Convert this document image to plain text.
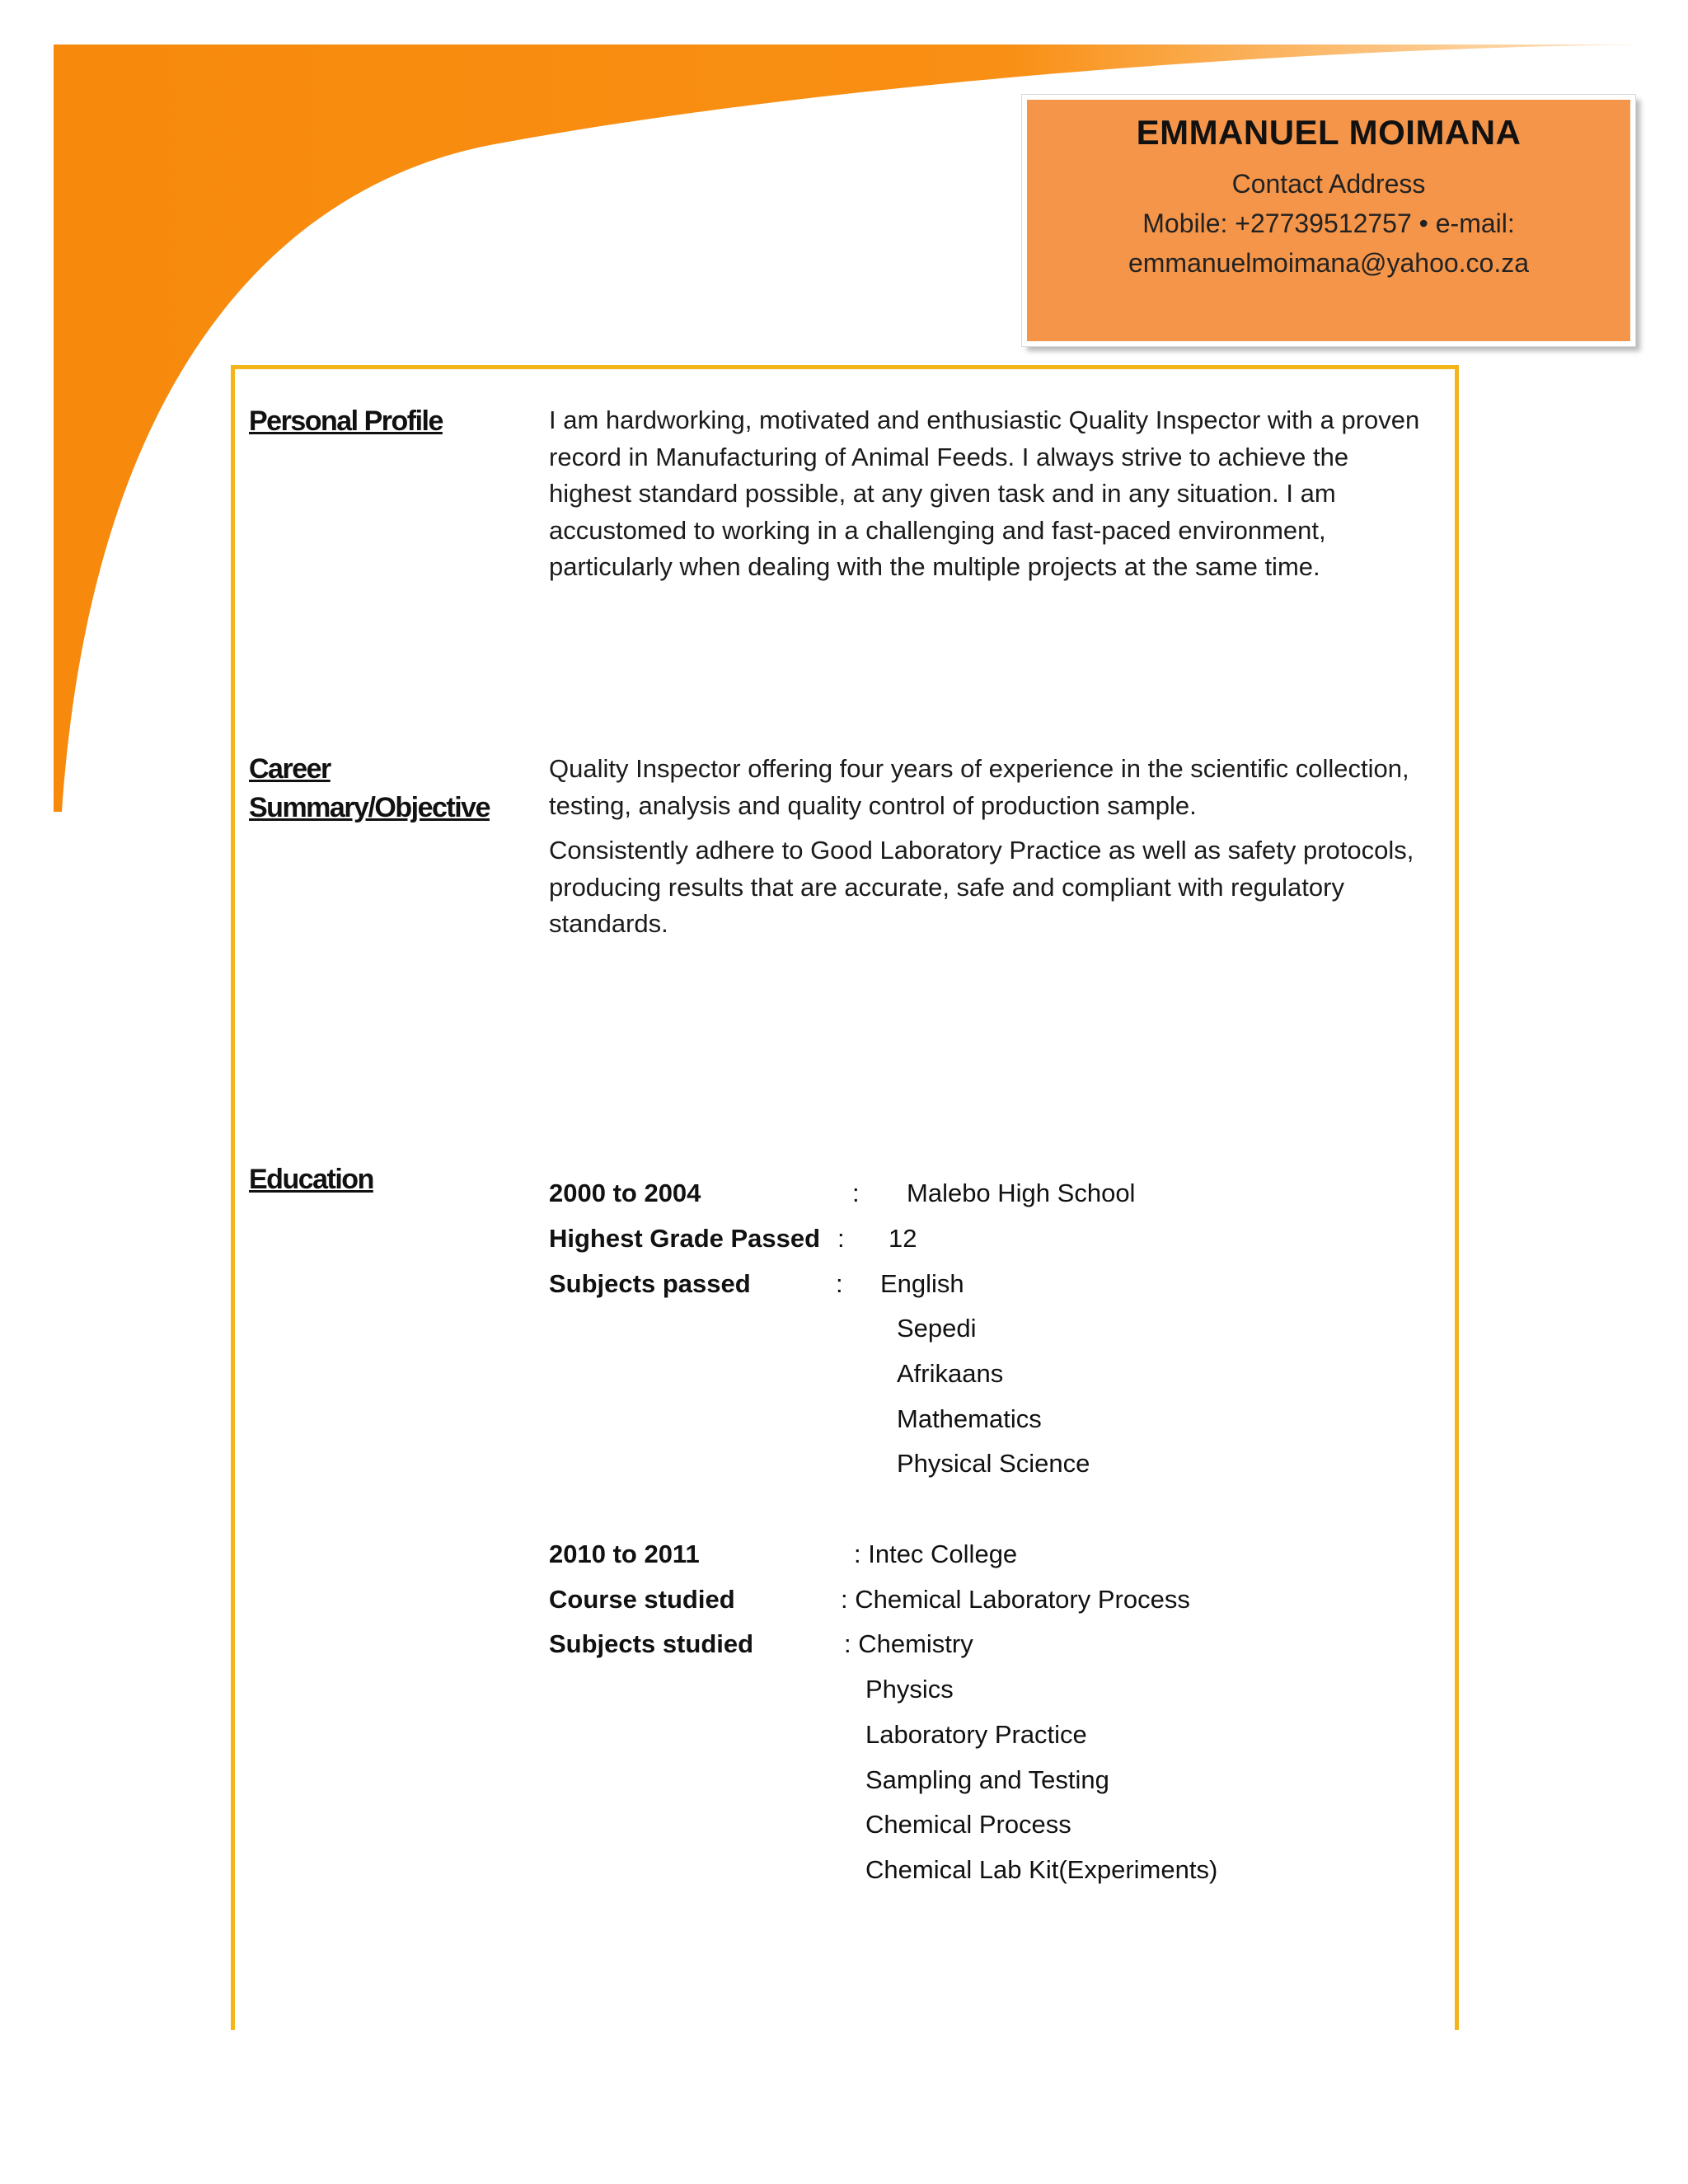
EMMANUEL MOIMANA
Contact Address
Mobile: +27739512757 • e-mail:
emmanuelmoimana@yahoo.co.za
Personal Profile	I am hardworking, motivated and enthusiastic Quality Inspector with a proven record in Manufacturing of Animal Feeds. I always strive to achieve the highest standard possible, at any given task and in any situation. I am accustomed to working in a challenging and fast-paced environment, particularly when dealing with the multiple projects at the same time.

Career
Summary/Objective

Quality Inspector offering four years of experience in the scientific collection, testing, analysis and quality control of production sample.

Consistently adhere to Good Laboratory Practice as well as safety protocols, producing results that are accurate, safe and compliant with regulatory standards.

Education	2000 to 2004	: Malebo High School
Highest Grade Passed : 12
Subjects passed	: English
Sepedi
Afrikaans
Mathematics
Physical Science
2010 to 2011	: Intec College
Course studied	: Chemical Laboratory Process
Subjects studied	: Chemistry
Physics
Laboratory Practice
Sampling and Testing
Chemical Process
Chemical Lab Kit(Experiments)
